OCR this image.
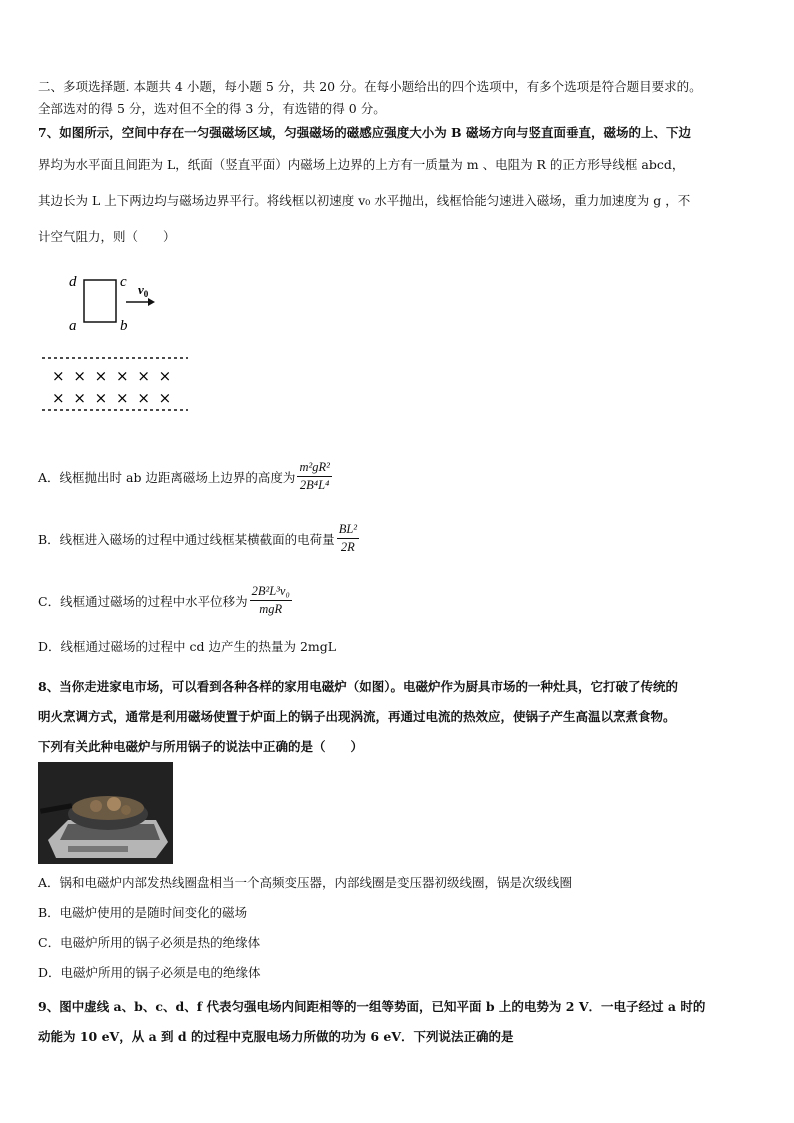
二、多项选择题. 本题共 4 小题，每小题 5 分，共 20 分。在每小题给出的四个选项中，有多个选项是符合题目要求的。
全部选对的得 5 分，选对但不全的得 3 分，有选错的得 0 分。
7、如图所示，空间中存在一匀强磁场区域，匀强磁场的磁感应强度大小为 B 磁场方向与竖直面垂直，磁场的上、下边
界均为水平面且间距为 L，纸面（竖直平面）内磁场上边界的上方有一质量为 m 、电阻为 R 的正方形导线框 abcd，
其边长为 L 上下两边均与磁场边界平行。将线框以初速度 v₀ 水平抛出，线框恰能匀速进入磁场，重力加速度为 g ，不
计空气阻力，则（　　）
d	c
a	b
$v_0$
× × × × × ×
× × × × × ×
A．线框抛出时 ab 边距离磁场上边界的高度为 $\frac{\text{m²gR²}}{\text{2B⁴L⁴}}$
B．线框进入磁场的过程中通过线框某横截面的电荷量 $\frac{\text{BL²}}{2R}$
C．线框通过磁场的过程中水平位移为 $\frac{\text{2B²L³v₀}}{\text{mgR}}$
D．线框通过磁场的过程中 cd 边产生的热量为 2mgL
8、当你走进家电市场，可以看到各种各样的家用电磁炉（如图）。电磁炉作为厨具市场的一种灶具，它打破了传统的
明火烹调方式，通常是利用磁场使置于炉面上的锅子出现涡流，再通过电流的热效应，使锅子产生高温以烹煮食物。
下列有关此种电磁炉与所用锅子的说法中正确的是（　　）
A．锅和电磁炉内部发热线圈盘相当一个高频变压器，内部线圈是变压器初级线圈，锅是次级线圈
B．电磁炉使用的是随时间变化的磁场
C．电磁炉所用的锅子必须是热的绝缘体
D．电磁炉所用的锅子必须是电的绝缘体
9、图中虚线 a、b、c、d、f 代表匀强电场内间距相等的一组等势面，已知平面 b 上的电势为 2 V．一电子经过 a 时的
动能为 10 eV，从 a 到 d 的过程中克服电场力所做的功为 6 eV．下列说法正确的是
